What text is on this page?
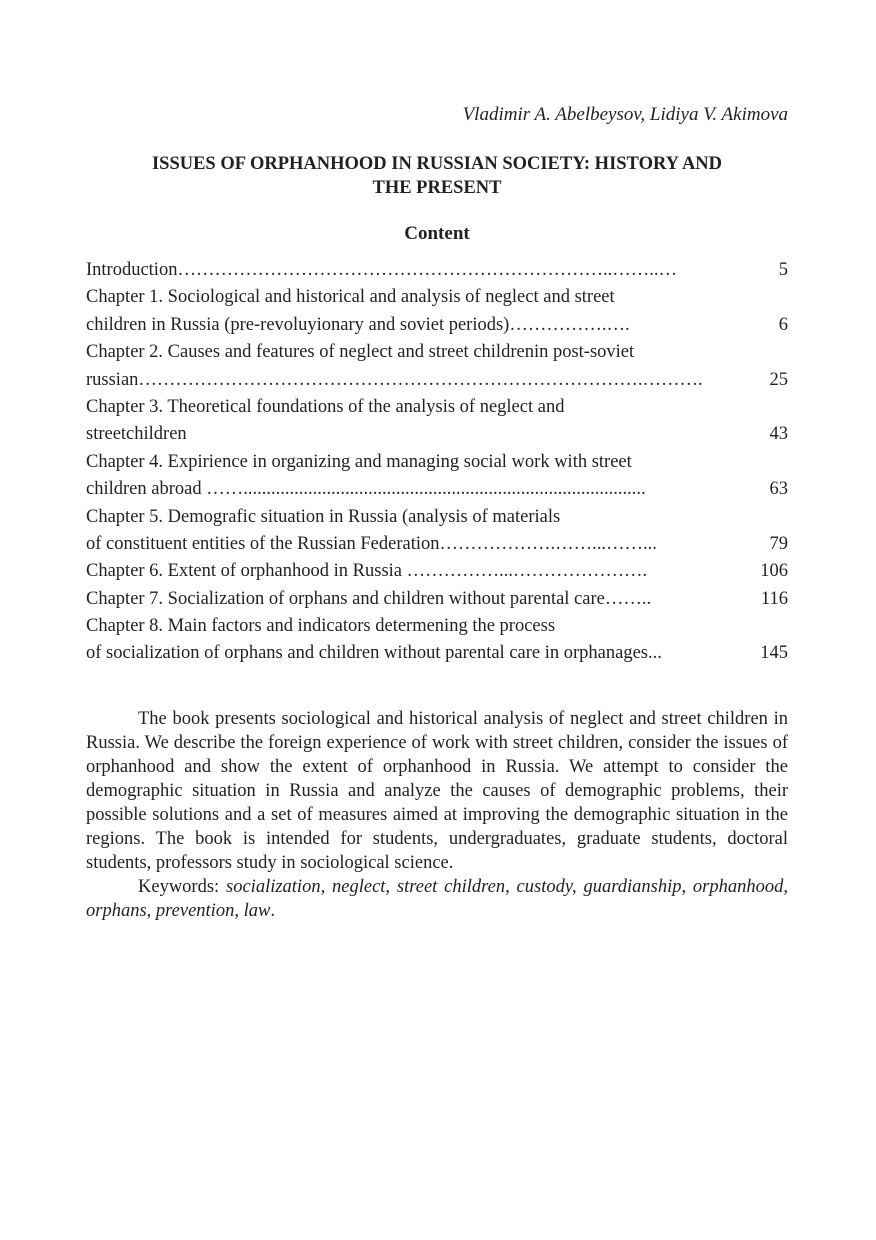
Vladimir A. Abelbeysov, Lidiya V. Akimova
ISSUES OF ORPHANHOOD IN RUSSIAN SOCIETY: HISTORY AND
THE PRESENT
Content
Introduction……………………………………………………………..……..…	5
Chapter 1. Sociological and historical and analysis of neglect and street
children in Russia (pre-revoluyionary and soviet periods)…………….….	6
Chapter 2. Causes and features of neglect and street childrenin post-soviet
russian……………………………………………………………………….……….	25
Chapter 3. Theoretical foundations of the analysis of neglect and
streetchildren	43
Chapter 4. Expirience in organizing and managing social work with street
children abroad …….......................................................................................	63
Chapter 5. Demografic situation in Russia (analysis of materials
of constituent entities of the Russian Federation……………….……...……...	79
Chapter 6. Extent of orphanhood in Russia ……………...………………….	106
Chapter 7. Socialization of orphans and children without parental care……..	116
Chapter 8. Main factors and indicators determening the process
of socialization of orphans and children without parental care in orphanages...	145

The book presents sociological and historical analysis of neglect and street children in Russia. We describe the foreign experience of work with street children, consider the issues of orphanhood and show the extent of orphanhood in Russia. We attempt to consider the demographic situation in Russia and analyze the causes of demographic problems, their possible solutions and a set of measures aimed at improving the demographic situation in the regions. The book is intended for students, undergraduates, graduate students, doctoral students, professors study in sociological science.

Keywords: socialization, neglect, street children, custody, guardianship, orphanhood, orphans, prevention, law.
